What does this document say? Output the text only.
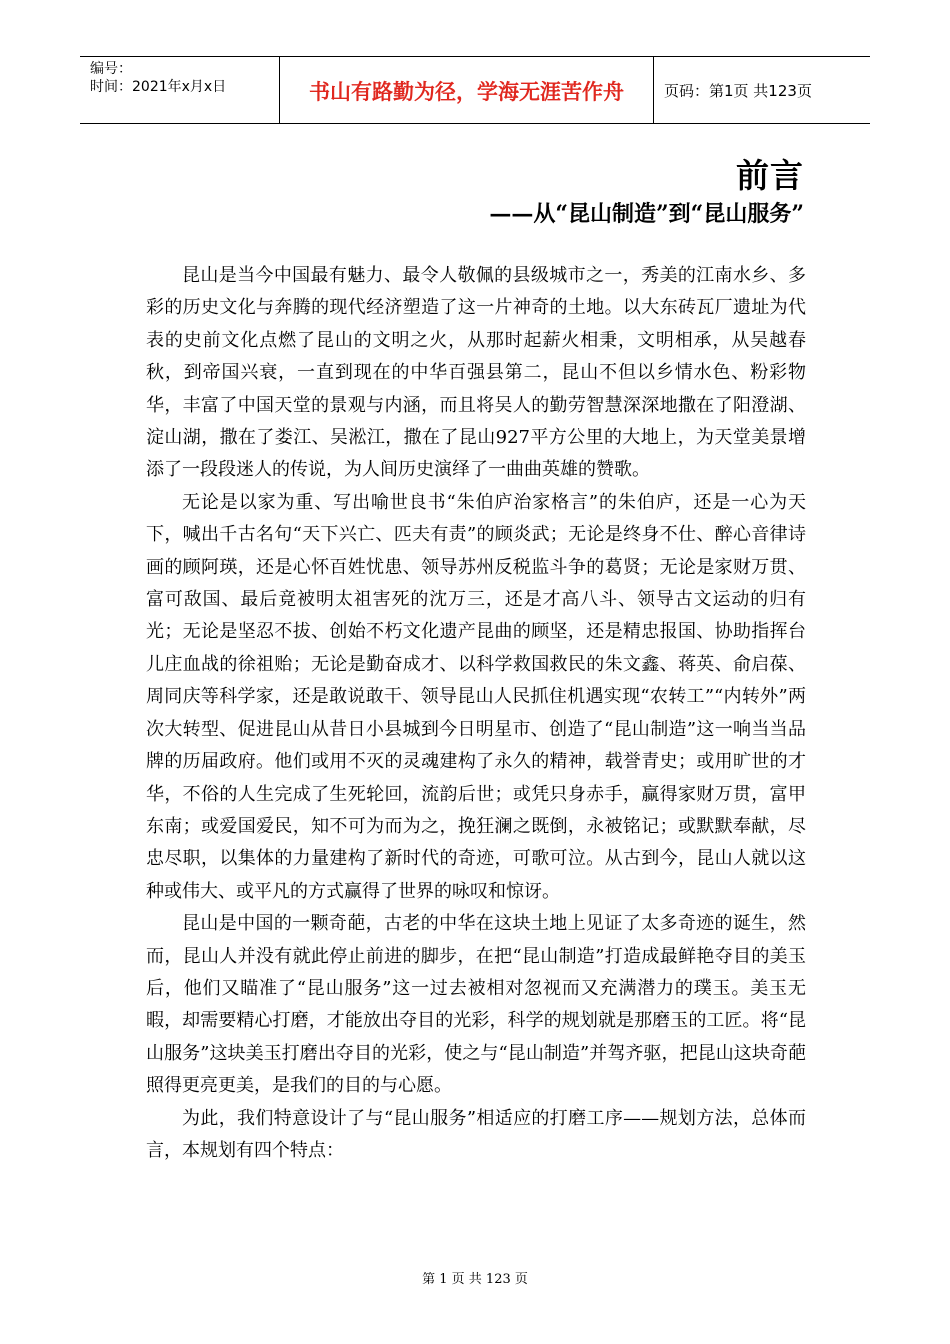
编号：
时间：2021年x月x日	书山有路勤为径，学海无涯苦作舟	页码：第1页 共123页
前言
——从“昆山制造”到“昆山服务”

昆山是当今中国最有魅力、最令人敬佩的县级城市之一，秀美的江南水乡、多彩的历史文化与奔腾的现代经济塑造了这一片神奇的土地。以大东砖瓦厂遗址为代表的史前文化点燃了昆山的文明之火，从那时起薪火相秉，文明相承，从吴越春秋，到帝国兴衰，一直到现在的中华百强县第二，昆山不但以乡情水色、粉彩物华，丰富了中国天堂的景观与内涵，而且将吴人的勤劳智慧深深地撒在了阳澄湖、淀山湖，撒在了娄江、吴淞江，撒在了昆山927平方公里的大地上，为天堂美景增添了一段段迷人的传说，为人间历史演绎了一曲曲英雄的赞歌。

无论是以家为重、写出喻世良书“朱伯庐治家格言”的朱伯庐，还是一心为天下，喊出千古名句“天下兴亡、匹夫有责”的顾炎武；无论是终身不仕、醉心音律诗画的顾阿瑛，还是心怀百姓忧患、领导苏州反税监斗争的葛贤；无论是家财万贯、富可敌国、最后竟被明太祖害死的沈万三，还是才高八斗、领导古文运动的归有光；无论是坚忍不拔、创始不朽文化遗产昆曲的顾坚，还是精忠报国、协助指挥台儿庄血战的徐祖贻；无论是勤奋成才、以科学救国救民的朱文鑫、蒋英、俞启葆、周同庆等科学家，还是敢说敢干、领导昆山人民抓住机遇实现“农转工”“内转外”两次大转型、促进昆山从昔日小县城到今日明星市、创造了“昆山制造”这一响当当品牌的历届政府。他们或用不灭的灵魂建构了永久的精神，载誉青史；或用旷世的才华，不俗的人生完成了生死轮回，流韵后世；或凭只身赤手，赢得家财万贯，富甲东南；或爱国爱民，知不可为而为之，挽狂澜之既倒，永被铭记；或默默奉献，尽忠尽职，以集体的力量建构了新时代的奇迹，可歌可泣。从古到今，昆山人就以这种或伟大、或平凡的方式赢得了世界的咏叹和惊讶。

昆山是中国的一颗奇葩，古老的中华在这块土地上见证了太多奇迹的诞生，然而，昆山人并没有就此停止前进的脚步，在把“昆山制造”打造成最鲜艳夺目的美玉后，他们又瞄准了“昆山服务”这一过去被相对忽视而又充满潜力的璞玉。美玉无暇，却需要精心打磨，才能放出夺目的光彩，科学的规划就是那磨玉的工匠。将“昆山服务”这块美玉打磨出夺目的光彩，使之与“昆山制造”并驾齐驱，把昆山这块奇葩照得更亮更美，是我们的目的与心愿。

为此，我们特意设计了与“昆山服务”相适应的打磨工序——规划方法，总体而言，本规划有四个特点：

第 1 页 共 123 页
